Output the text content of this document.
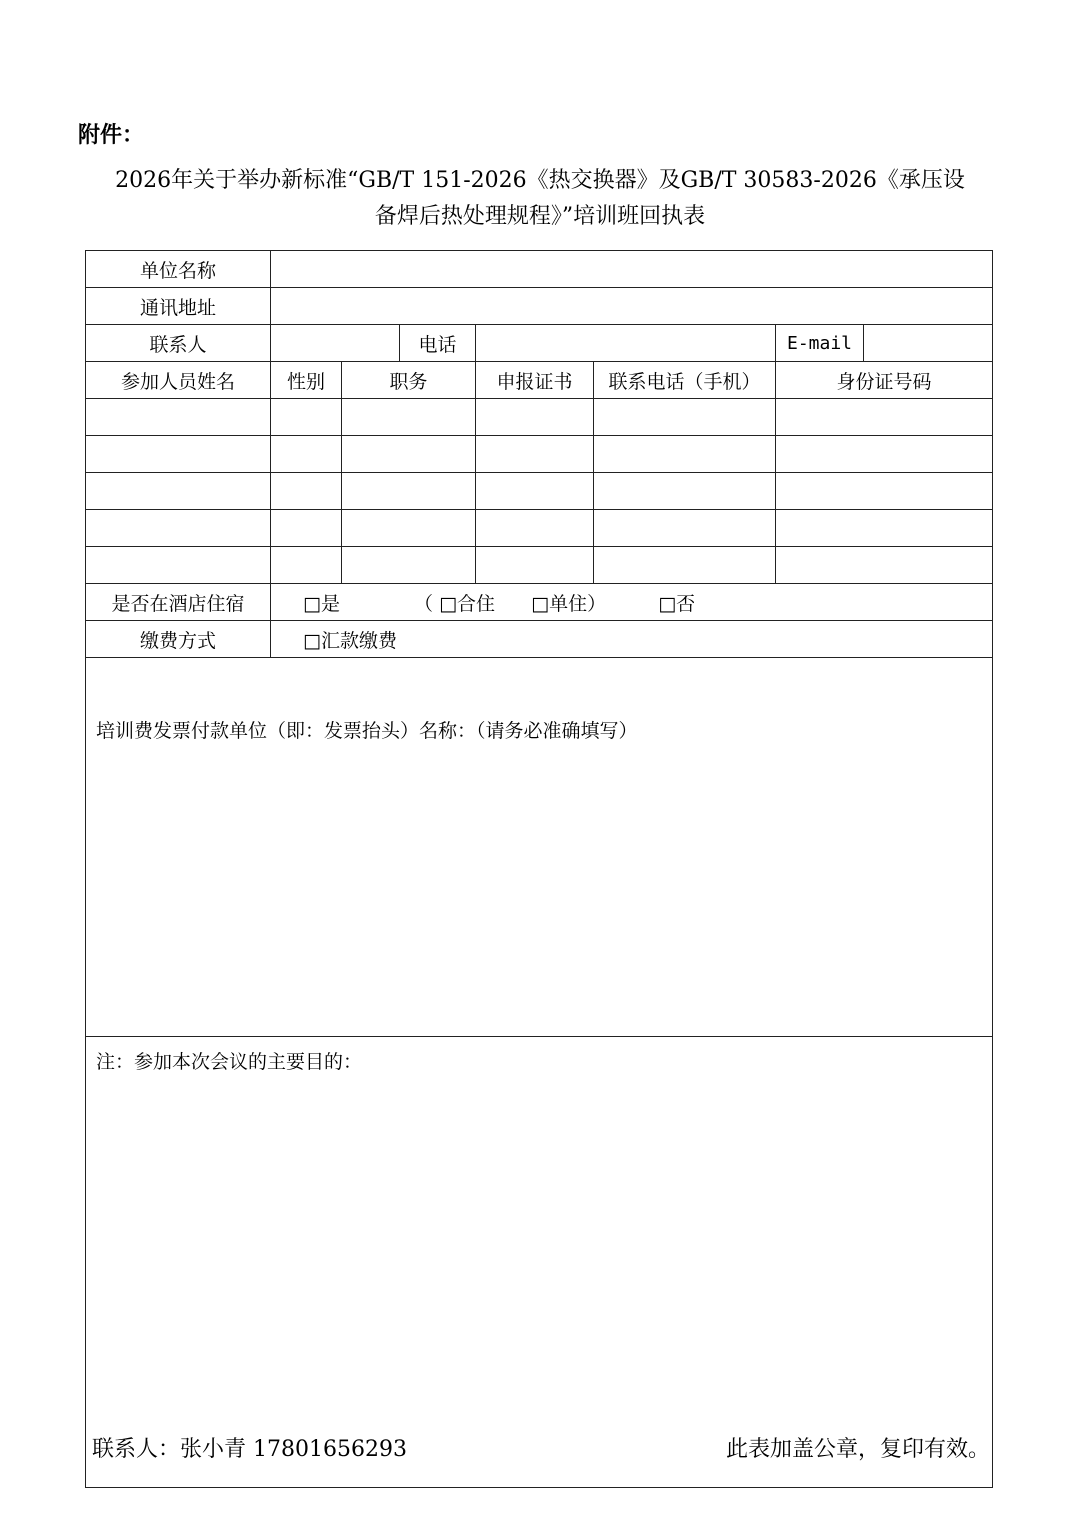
附件：
2026年关于举办新标准“GB/T 151-2026《热交换器》及GB/T 30583-2026《承压设
备焊后热处理规程》”培训班回执表
单位名称							
通讯地址							
联系人			电话			E-mail	
参加人员姓名	性别	职务		申报证书	联系电话（手机）	身份证号码	

是否在酒店住宿	□是 （ □合住 □单住） □否						
缴费方式	□汇款缴费						
培训费发票付款单位（即：发票抬头）名称：（请务必准确填写）							
注：参加本次会议的主要目的：							
联系人：张小青 17801656293	此表加盖公章，复印有效。
